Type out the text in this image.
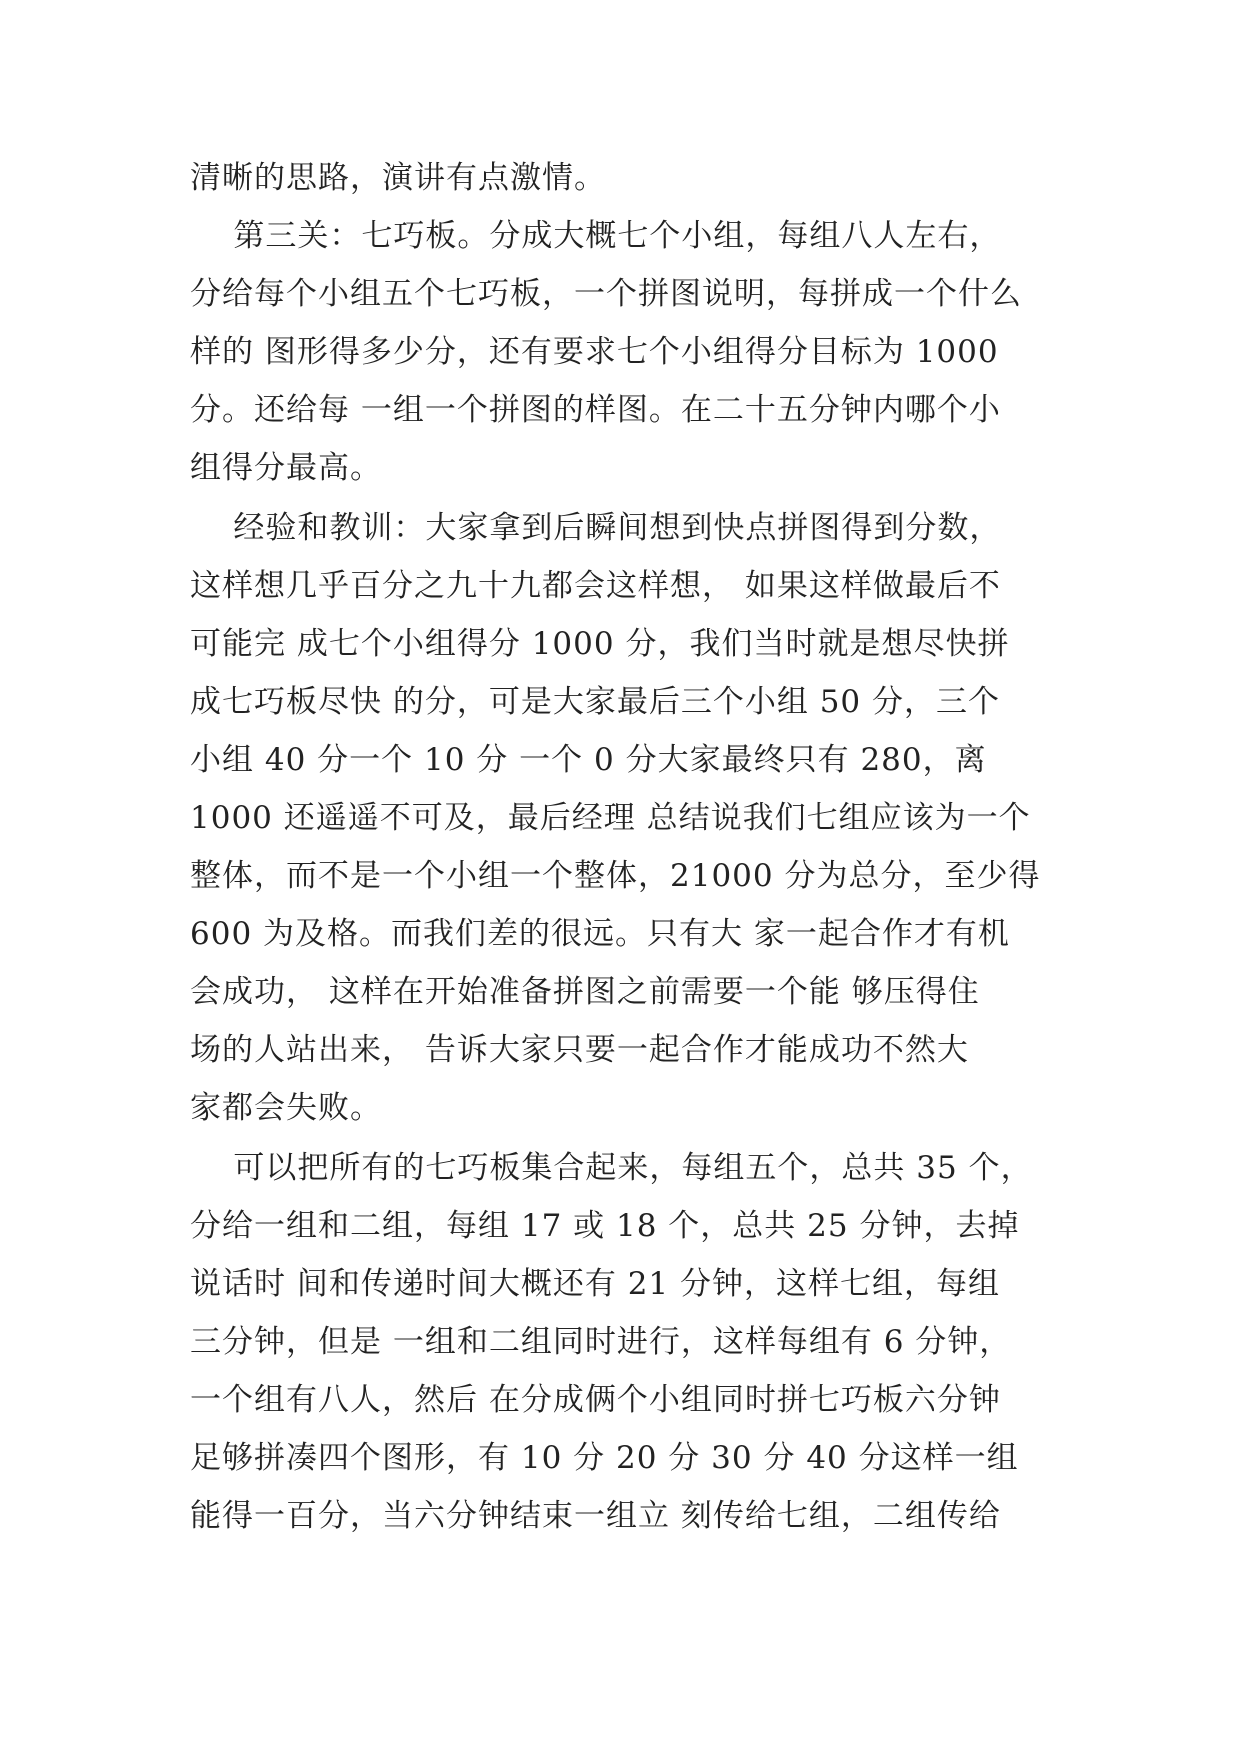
清晰的思路，演讲有点激情。
第三关：七巧板。分成大概七个小组，每组八人左右，
分给每个小组五个七巧板，一个拼图说明，每拼成一个什么
样的 图形得多少分，还有要求七个小组得分目标为 1000
分。还给每 一组一个拼图的样图。在二十五分钟内哪个小
组得分最高。
经验和教训：大家拿到后瞬间想到快点拼图得到分数，
这样想几乎百分之九十九都会这样想， 如果这样做最后不
可能完 成七个小组得分 1000 分，我们当时就是想尽快拼
成七巧板尽快 的分，可是大家最后三个小组 50 分，三个
小组 40 分一个 10 分 一个 0 分大家最终只有 280，离
1000 还遥遥不可及，最后经理 总结说我们七组应该为一个
整体，而不是一个小组一个整体，21000 分为总分，至少得
600 为及格。而我们差的很远。只有大 家一起合作才有机
会成功， 这样在开始准备拼图之前需要一个能 够压得住
场的人站出来， 告诉大家只要一起合作才能成功不然大
家都会失败。
可以把所有的七巧板集合起来，每组五个，总共 35 个，
分给一组和二组，每组 17 或 18 个，总共 25 分钟，去掉
说话时 间和传递时间大概还有 21 分钟，这样七组，每组
三分钟，但是 一组和二组同时进行，这样每组有 6 分钟，
一个组有八人，然后 在分成俩个小组同时拼七巧板六分钟
足够拼凑四个图形，有 10 分 20 分 30 分 40 分这样一组
能得一百分，当六分钟结束一组立 刻传给七组，二组传给
